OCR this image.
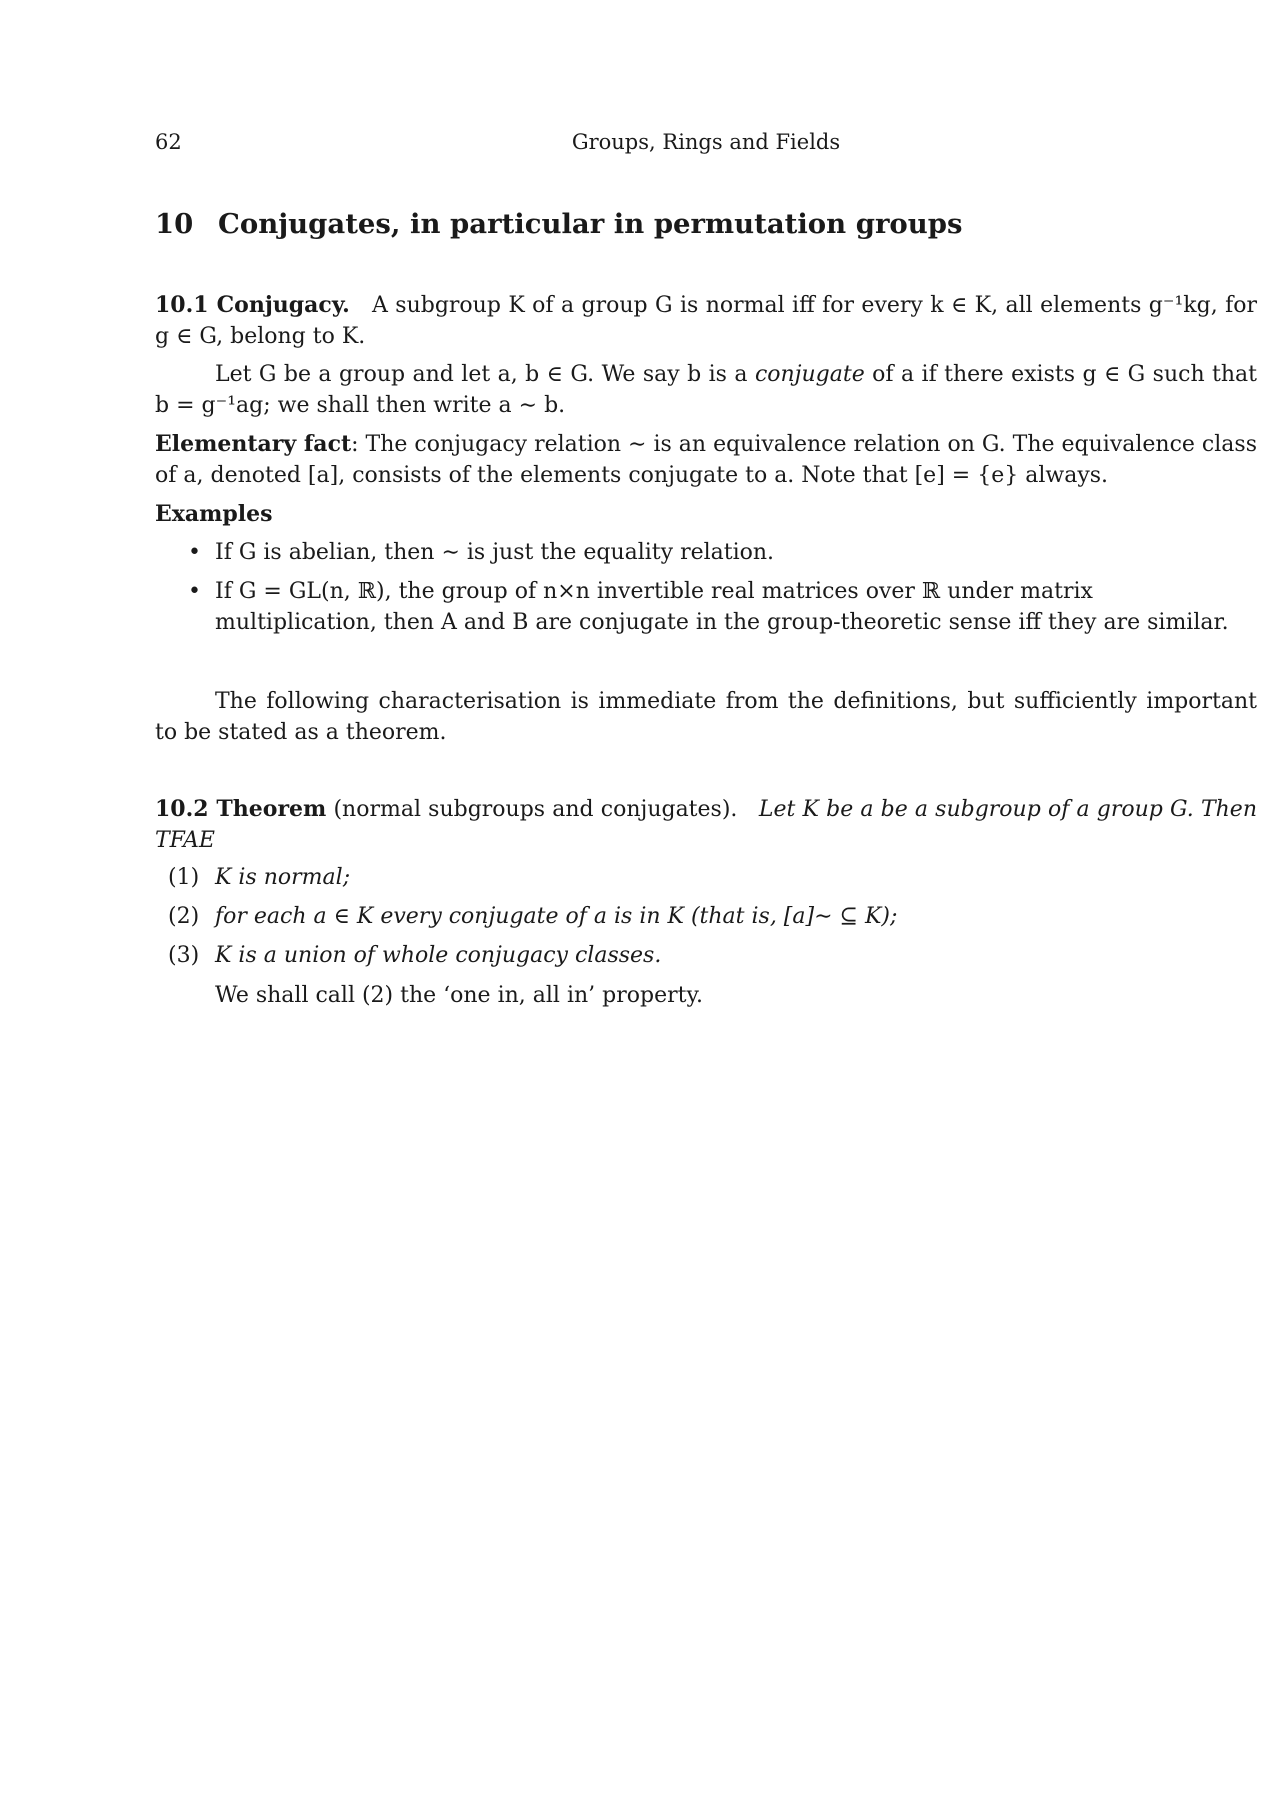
62	Groups, Rings and Fields
10 Conjugates, in particular in permutation groups

10.1 Conjugacy. A subgroup K of a group G is normal iff for every k ∈ K, all elements g⁻¹kg, for g ∈ G, belong to K.

Let G be a group and let a, b ∈ G. We say b is a conjugate of a if there exists g ∈ G such that b = g⁻¹ag; we shall then write a ∼ b.

Elementary fact: The conjugacy relation ∼ is an equivalence relation on G. The equivalence class of a, denoted [a], consists of the elements conjugate to a. Note that [e] = {e} always.

Examples

• If G is abelian, then ∼ is just the equality relation.
• If G = GL(n, ℝ), the group of n×n invertible real matrices over ℝ under matrix multiplication, then A and B are conjugate in the group-theoretic sense iff they are similar.

The following characterisation is immediate from the definitions, but sufficiently important to be stated as a theorem.

10.2 Theorem (normal subgroups and conjugates). Let K be a be a subgroup of a group G. Then TFAE

(1) K is normal;
(2) for each a ∈ K every conjugate of a is in K (that is, [a]∼ ⊆ K);
(3) K is a union of whole conjugacy classes.

We shall call (2) the ‘one in, all in’ property.
